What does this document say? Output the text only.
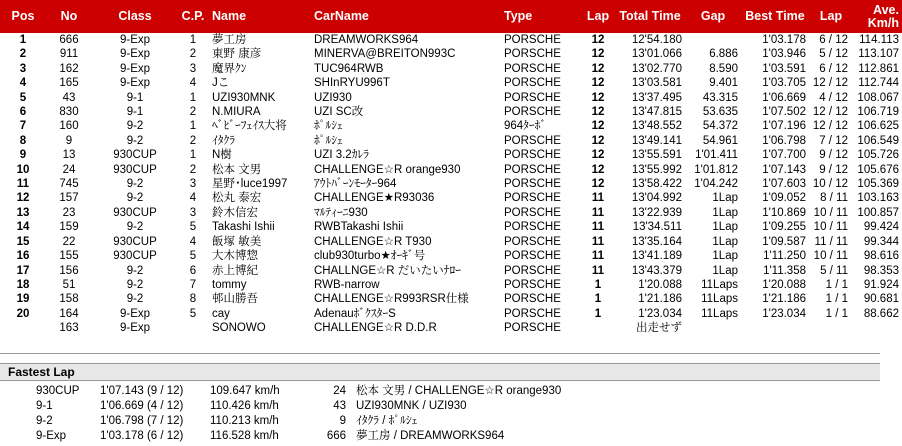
Pos	No	Class	C.P.	Name	CarName	Type	Lap	Total Time	Gap	Best Time	Lap	Ave.
Km/h
1	666	9-Exp	1	夢工房	DREAMWORKS964	PORSCHE	12	12'54.180		1'03.178	6 / 12	114.113
2	911	9-Exp	2	東野 康彦	MINERVA@BREITON993C	PORSCHE	12	13'01.066	6.886	1'03.946	5 / 12	113.107
3	162	9-Exp	3	魔界ｸﾝ	TUC964RWB	PORSCHE	12	13'02.770	8.590	1'03.591	6 / 12	112.861
4	165	9-Exp	4	Jこ	SHInRYU996T	PORSCHE	12	13'03.581	9.401	1'03.705	12 / 12	112.744
5	43	9-1	1	UZI930MNK	UZI930	PORSCHE	12	13'37.495	43.315	1'06.669	4 / 12	108.067
6	830	9-1	2	N.MIURA	UZI SC改	PORSCHE	12	13'47.815	53.635	1'07.502	12 / 12	106.719
7	160	9-2	1	ﾍﾞﾋﾞｰﾌｪｲｽ大将	ﾎﾟﾙｼｪ	964ﾀｰﾎﾞ	12	13'48.552	54.372	1'07.196	12 / 12	106.625
8	9	9-2	2	ｲﾀｸﾗ	ﾎﾟﾙｼｪ	PORSCHE	12	13'49.141	54.961	1'06.798	7 / 12	106.549
9	13	930CUP	1	N樹	UZI 3.2ｶﾚﾗ	PORSCHE	12	13'55.591	1'01.411	1'07.700	9 / 12	105.726
10	24	930CUP	2	松本 文男	CHALLENGE☆R orange930	PORSCHE	12	13'55.992	1'01.812	1'07.143	9 / 12	105.676
11	745	9-2	3	星野･luce1997	ｱｳﾄﾊﾞｰﾝﾓｰﾀｰ964	PORSCHE	12	13'58.422	1'04.242	1'07.603	10 / 12	105.369
12	157	9-2	4	松丸 泰宏	CHALLENGE★R93036	PORSCHE	11	13'04.992	1Lap	1'09.052	8 / 11	103.163
13	23	930CUP	3	鈴木信宏	ﾏﾙﾃｨｰﾆ930	PORSCHE	11	13'22.939	1Lap	1'10.869	10 / 11	100.857
14	159	9-2	5	Takashi Ishii	RWBTakashi Ishii	PORSCHE	11	13'34.511	1Lap	1'09.255	10 / 11	99.424
15	22	930CUP	4	飯塚 敏美	CHALLENGE☆R T930	PORSCHE	11	13'35.164	1Lap	1'09.587	11 / 11	99.344
16	155	930CUP	5	大木博惣	club930turbo★ｵｰｷﾞ号	PORSCHE	11	13'41.189	1Lap	1'11.250	10 / 11	98.616
17	156	9-2	6	赤上博紀	CHALLNGE☆R だいたいﾅﾛｰ	PORSCHE	11	13'43.379	1Lap	1'11.358	5 / 11	98.353
18	51	9-2	7	tommy	RWB-narrow	PORSCHE	1	1'20.088	11Laps	1'20.088	1 / 1	91.924
19	158	9-2	8	邨山勝吾	CHALLENGE☆R993RSR仕様	PORSCHE	1	1'21.186	11Laps	1'21.186	1 / 1	90.681
20	164	9-Exp	5	cay	AdenauﾎﾞｸｽﾀｰS	PORSCHE	1	1'23.034	11Laps	1'23.034	1 / 1	88.662
	163	9-Exp		SONOWO	CHALLENGE☆R D.D.R	PORSCHE		出走せず				
Fastest Lap
930CUP	1'07.143 (9 / 12)	109.647 km/h	24	松本 文男 / CHALLENGE☆R orange930
9-1	1'06.669 (4 / 12)	110.426 km/h	43	UZI930MNK / UZI930
9-2	1'06.798 (7 / 12)	110.213 km/h	9	ｲﾀｸﾗ / ﾎﾟﾙｼｪ
9-Exp	1'03.178 (6 / 12)	116.528 km/h	666	夢工房 / DREAMWORKS964
